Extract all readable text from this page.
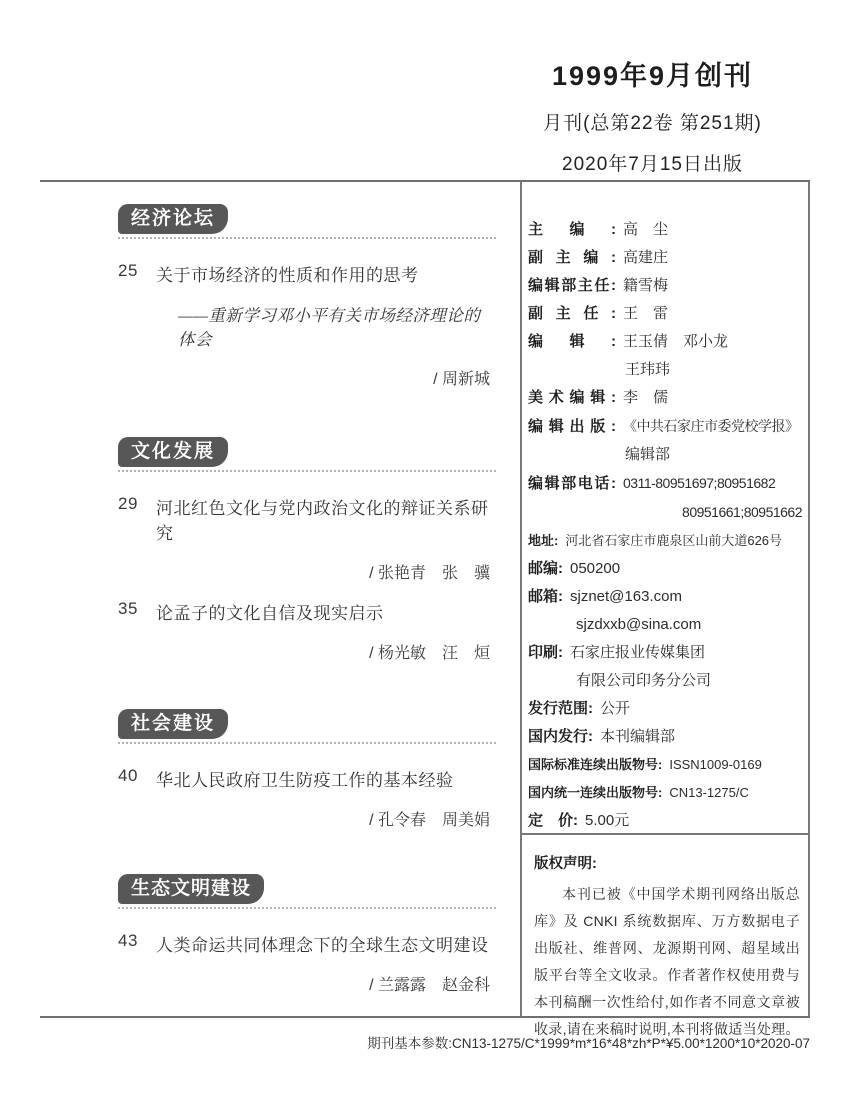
1999年9月创刊
月刊(总第22卷 第251期)
2020年7月15日出版
经济论坛
25	关于市场经济的性质和作用的思考
——重新学习邓小平有关市场经济理论的体会
/ 周新城
文化发展
29	河北红色文化与党内政治文化的辩证关系研究
/ 张艳青　张　骥
35	论孟子的文化自信及现实启示
/ 杨光敏　汪　烜
社会建设
40	华北人民政府卫生防疫工作的基本经验
/ 孔令春　周美娟
生态文明建设
43	人类命运共同体理念下的全球生态文明建设
/ 兰露露　赵金科
主编: 高　尘
副主编: 高建庄
编辑部主任: 籍雪梅
副主任: 王　雷
编辑: 王玉倩　邓小龙
王玮玮
美术编辑: 李　儒
编辑出版: 《中共石家庄市委党校学报》
编辑部
编辑部电话: 0311-80951697;80951682
80951661;80951662
地址: 河北省石家庄市鹿泉区山前大道626号
邮编: 050200
邮箱: sjznet@163.com
sjzdxxb@sina.com
印刷: 石家庄报业传媒集团
有限公司印务分公司
发行范围: 公开
国内发行: 本刊编辑部
国际标准连续出版物号: ISSN1009-0169
国内统一连续出版物号: CN13-1275/C
定　价: 5.00元
版权声明:
本刊已被《中国学术期刊网络出版总库》及 CNKI 系统数据库、万方数据电子出版社、维普网、龙源期刊网、超星域出版平台等全文收录。作者著作权使用费与本刊稿酬一次性给付,如作者不同意文章被收录,请在来稿时说明,本刊将做适当处理。
期刊基本参数:CN13-1275/C*1999*m*16*48*zh*P*¥5.00*1200*10*2020-07
